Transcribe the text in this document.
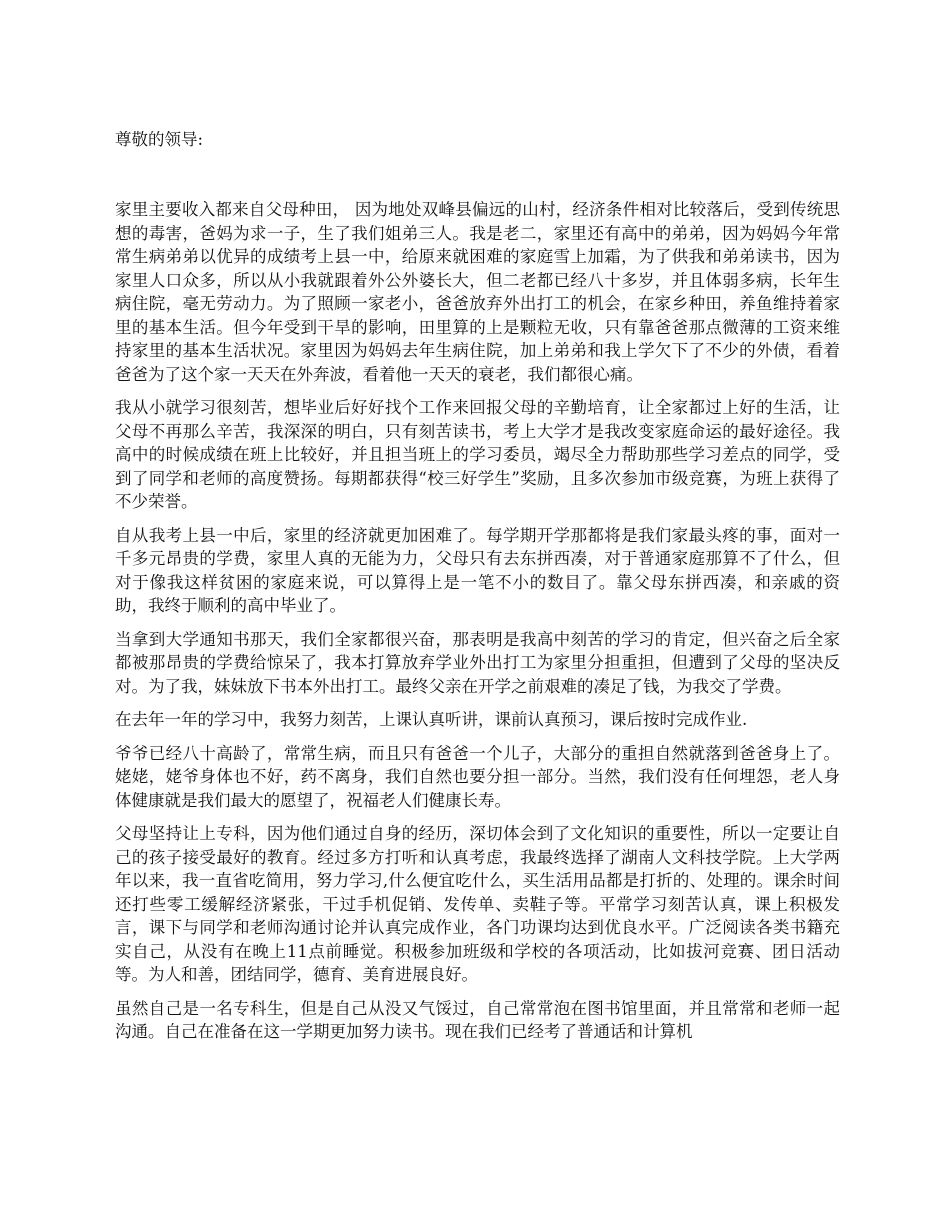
尊敬的领导:

家里主要收入都来自父母种田， 因为地处双峰县偏远的山村，经济条件相对比较落后，受到传统思想的毒害，爸妈为求一子，生了我们姐弟三人。我是老二，家里还有高中的弟弟，因为妈妈今年常常生病弟弟以优异的成绩考上县一中，给原来就困难的家庭雪上加霜，为了供我和弟弟读书，因为家里人口众多，所以从小我就跟着外公外婆长大，但二老都已经八十多岁，并且体弱多病，长年生病住院，毫无劳动力。为了照顾一家老小，爸爸放弃外出打工的机会，在家乡种田，养鱼维持着家里的基本生活。但今年受到干旱的影响，田里算的上是颗粒无收，只有靠爸爸那点微薄的工资来维持家里的基本生活状况。家里因为妈妈去年生病住院，加上弟弟和我上学欠下了不少的外债，看着爸爸为了这个家一天天在外奔波，看着他一天天的衰老，我们都很心痛。

我从小就学习很刻苦，想毕业后好好找个工作来回报父母的辛勤培育，让全家都过上好的生活，让父母不再那么辛苦，我深深的明白，只有刻苦读书，考上大学才是我改变家庭命运的最好途径。我高中的时候成绩在班上比较好，并且担当班上的学习委员，竭尽全力帮助那些学习差点的同学，受到了同学和老师的高度赞扬。每期都获得“校三好学生”奖励，且多次参加市级竞赛，为班上获得了不少荣誉。

自从我考上县一中后，家里的经济就更加困难了。每学期开学那都将是我们家最头疼的事，面对一千多元昂贵的学费，家里人真的无能为力，父母只有去东拼西凑，对于普通家庭那算不了什么，但对于像我这样贫困的家庭来说，可以算得上是一笔不小的数目了。靠父母东拼西凑，和亲戚的资助，我终于顺利的高中毕业了。

当拿到大学通知书那天，我们全家都很兴奋，那表明是我高中刻苦的学习的肯定，但兴奋之后全家都被那昂贵的学费给惊呆了，我本打算放弃学业外出打工为家里分担重担，但遭到了父母的坚决反对。为了我，妹妹放下书本外出打工。最终父亲在开学之前艰难的凑足了钱，为我交了学费。

在去年一年的学习中，我努力刻苦，上课认真听讲，课前认真预习，课后按时完成作业.

爷爷已经八十高龄了，常常生病，而且只有爸爸一个儿子，大部分的重担自然就落到爸爸身上了。姥姥，姥爷身体也不好，药不离身，我们自然也要分担一部分。当然，我们没有任何埋怨，老人身体健康就是我们最大的愿望了，祝福老人们健康长寿。

父母坚持让上专科，因为他们通过自身的经历，深切体会到了文化知识的重要性，所以一定要让自己的孩子接受最好的教育。经过多方打听和认真考虑，我最终选择了湖南人文科技学院。上大学两年以来，我一直省吃简用，努力学习,什么便宜吃什么，买生活用品都是打折的、处理的。课余时间还打些零工缓解经济紧张，干过手机促销、发传单、卖鞋子等。平常学习刻苦认真，课上积极发言，课下与同学和老师沟通讨论并认真完成作业，各门功课均达到优良水平。广泛阅读各类书籍充实自己，从没有在晚上11点前睡觉。积极参加班级和学校的各项活动，比如拔河竞赛、团日活动等。为人和善，团结同学，德育、美育进展良好。

虽然自己是一名专科生，但是自己从没又气馁过，自己常常泡在图书馆里面，并且常常和老师一起沟通。自己在准备在这一学期更加努力读书。现在我们已经考了普通话和计算机
